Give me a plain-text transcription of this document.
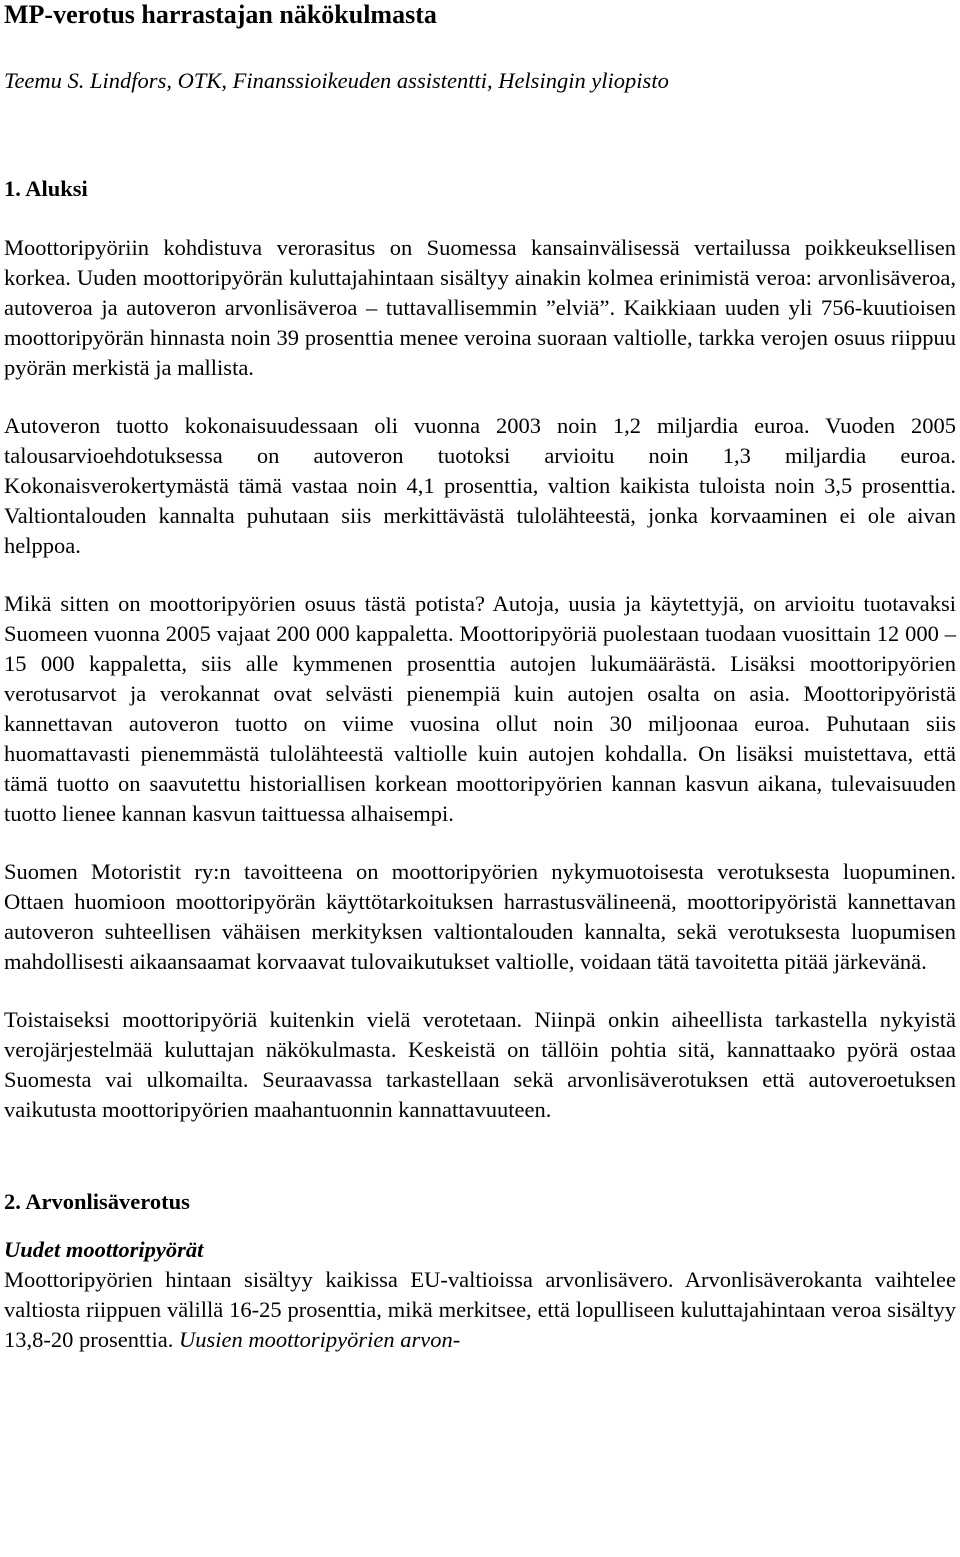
MP-verotus harrastajan näkökulmasta

Teemu S. Lindfors, OTK, Finanssioikeuden assistentti, Helsingin yliopisto

1. Aluksi

Moottoripyöriin kohdistuva verorasitus on Suomessa kansainvälisessä vertailussa poikkeuksellisen korkea. Uuden moottoripyörän kuluttajahintaan sisältyy ainakin kolmea erinimistä veroa: arvonlisäveroa, autoveroa ja autoveron arvonlisäveroa – tuttavallisemmin ”elviä”. Kaikkiaan uuden yli 756-kuutioisen moottoripyörän hinnasta noin 39 prosenttia menee veroina suoraan valtiolle, tarkka verojen osuus riippuu pyörän merkistä ja mallista.

Autoveron tuotto kokonaisuudessaan oli vuonna 2003 noin 1,2 miljardia euroa. Vuoden 2005 talousarvioehdotuksessa on autoveron tuotoksi arvioitu noin 1,3 miljardia euroa. Kokonaisverokertymästä tämä vastaa noin 4,1 prosenttia, valtion kaikista tuloista noin 3,5 prosenttia. Valtiontalouden kannalta puhutaan siis merkittävästä tulolähteestä, jonka korvaaminen ei ole aivan helppoa.

Mikä sitten on moottoripyörien osuus tästä potista? Autoja, uusia ja käytettyjä, on arvioitu tuotavaksi Suomeen vuonna 2005 vajaat 200 000 kappaletta. Moottoripyöriä puolestaan tuodaan vuosittain 12 000 – 15 000 kappaletta, siis alle kymmenen prosenttia autojen lukumäärästä. Lisäksi moottoripyörien verotusarvot ja verokannat ovat selvästi pienempiä kuin autojen osalta on asia. Moottoripyöristä kannettavan autoveron tuotto on viime vuosina ollut noin 30 miljoonaa euroa. Puhutaan siis huomattavasti pienemmästä tulolähteestä valtiolle kuin autojen kohdalla. On lisäksi muistettava, että tämä tuotto on saavutettu historiallisen korkean moottoripyörien kannan kasvun aikana, tulevaisuuden tuotto lienee kannan kasvun taittuessa alhaisempi.

Suomen Motoristit ry:n tavoitteena on moottoripyörien nykymuotoisesta verotuksesta luopuminen. Ottaen huomioon moottoripyörän käyttötarkoituksen harrastusvälineenä, moottoripyöristä kannettavan autoveron suhteellisen vähäisen merkityksen valtiontalouden kannalta, sekä verotuksesta luopumisen mahdollisesti aikaansaamat korvaavat tulovaikutukset valtiolle, voidaan tätä tavoitetta pitää järkevänä.

Toistaiseksi moottoripyöriä kuitenkin vielä verotetaan. Niinpä onkin aiheellista tarkastella nykyistä verojärjestelmää kuluttajan näkökulmasta. Keskeistä on tällöin pohtia sitä, kannattaako pyörä ostaa Suomesta vai ulkomailta. Seuraavassa tarkastellaan sekä arvonlisäverotuksen että autoveroetuksen vaikutusta moottoripyörien maahantuonnin kannattavuuteen.

2. Arvonlisäverotus
Uudet moottoripyörät

Moottoripyörien hintaan sisältyy kaikissa EU-valtioissa arvonlisävero. Arvonlisäverokanta vaihtelee valtiosta riippuen välillä 16-25 prosenttia, mikä merkitsee, että lopulliseen kuluttajahintaan veroa sisältyy 13,8-20 prosenttia. Uusien moottoripyörien arvon-
